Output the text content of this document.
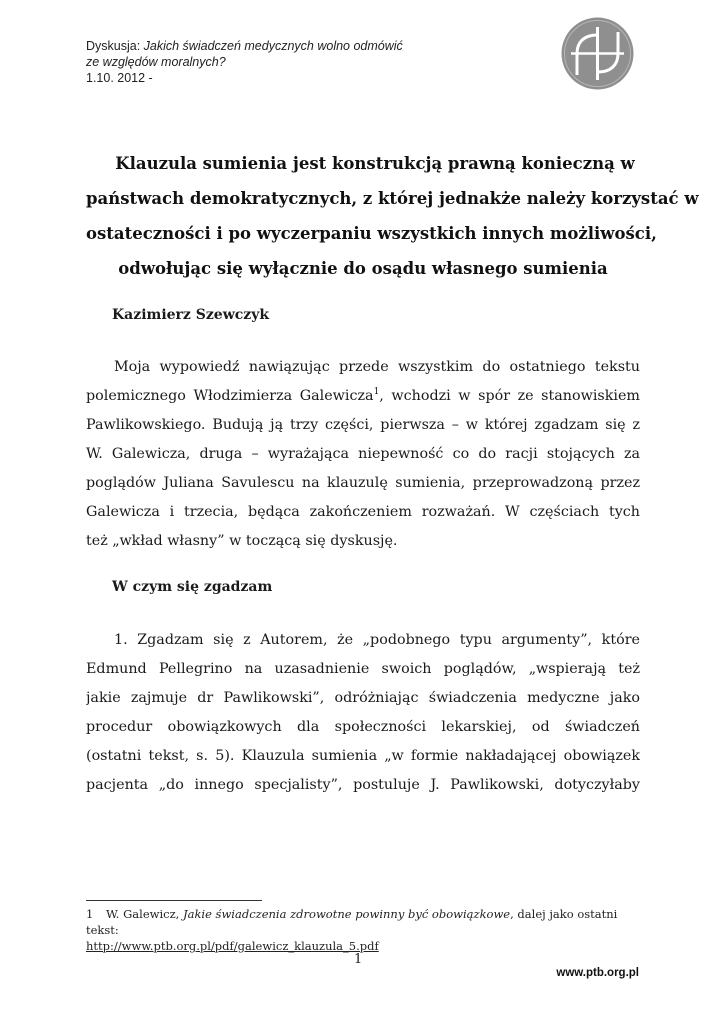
Dyskusja: Jakich świadczeń medycznych wolno odmówić
ze względów moralnych?
1.10. 2012 -
Klauzula sumienia jest konstrukcją prawną konieczną w
państwach demokratycznych, z której jednakże należy korzystać w
ostateczności i po wyczerpaniu wszystkich innych możliwości,
odwołując się wyłącznie do osądu własnego sumienia
Kazimierz Szewczyk
Moja wypowiedź nawiązując przede wszystkim do ostatniego tekstu
polemicznego Włodzimierza Galewicza$^1$, wchodzi w spór ze stanowiskiem
Pawlikowskiego. Budują ją trzy części, pierwsza – w której zgadzam się z
W. Galewicza, druga – wyrażająca niepewność co do racji stojących za
poglądów Juliana Savulescu na klauzulę sumienia, przeprowadzoną przez
Galewicza i trzecia, będąca zakończeniem rozważań. W częściach tych
też „wkład własny” w toczącą się dyskusję.
W czym się zgadzam
1. Zgadzam się z Autorem, że „podobnego typu argumenty”, które
Edmund Pellegrino na uzasadnienie swoich poglądów, „wspierają też
jakie zajmuje dr Pawlikowski”, odróżniając świadczenia medyczne jako
procedur obowiązkowych dla społeczności lekarskiej, od świadczeń
(ostatni tekst, s. 5). Klauzula sumienia „w formie nakładającej obowiązek
pacjenta „do innego specjalisty”, postuluje J. Pawlikowski, dotyczyłaby
1 W. Galewicz, Jakie świadczenia zdrowotne powinny być obowiązkowe, dalej jako ostatni tekst:
http://www.ptb.org.pl/pdf/galewicz_klauzula_5.pdf
1
www.ptb.org.pl
